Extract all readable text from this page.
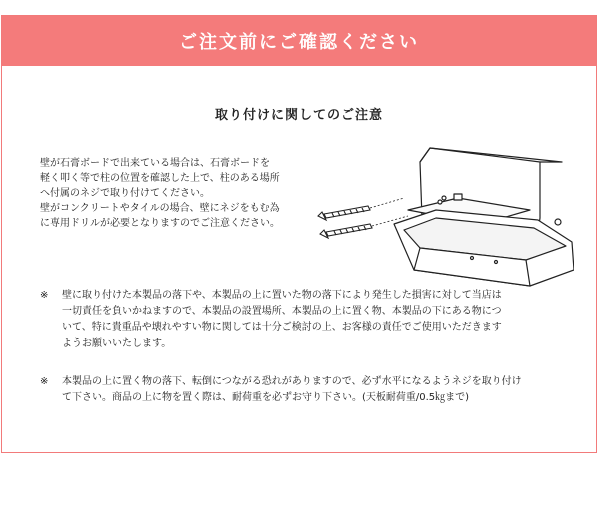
ご注文前にご確認ください
取り付けに関してのご注意

壁が石膏ボードで出来ている場合は、石膏ボードを

軽く叩く等で柱の位置を確認した上で、柱のある場所

へ付属のネジで取り付けてください。

壁がコンクリートやタイルの場合、壁にネジをもむ為

に専用ドリルが必要となりますのでご注意ください。

※	壁に取り付けた本製品の落下や、本製品の上に置いた物の落下により発生した損害に対して当店は

一切責任を負いかねますので、本製品の設置場所、本製品の上に置く物、本製品の下にある物につ

いて、特に貴重品や壊れやすい物に関しては十分ご検討の上、お客様の責任でご使用いただきます

ようお願いいたします。

※	本製品の上に置く物の落下、転倒につながる恐れがありますので、必ず水平になるようネジを取り付け

て下さい。商品の上に物を置く際は、耐荷重を必ずお守り下さい。(天板耐荷重/0.5㎏まで)
